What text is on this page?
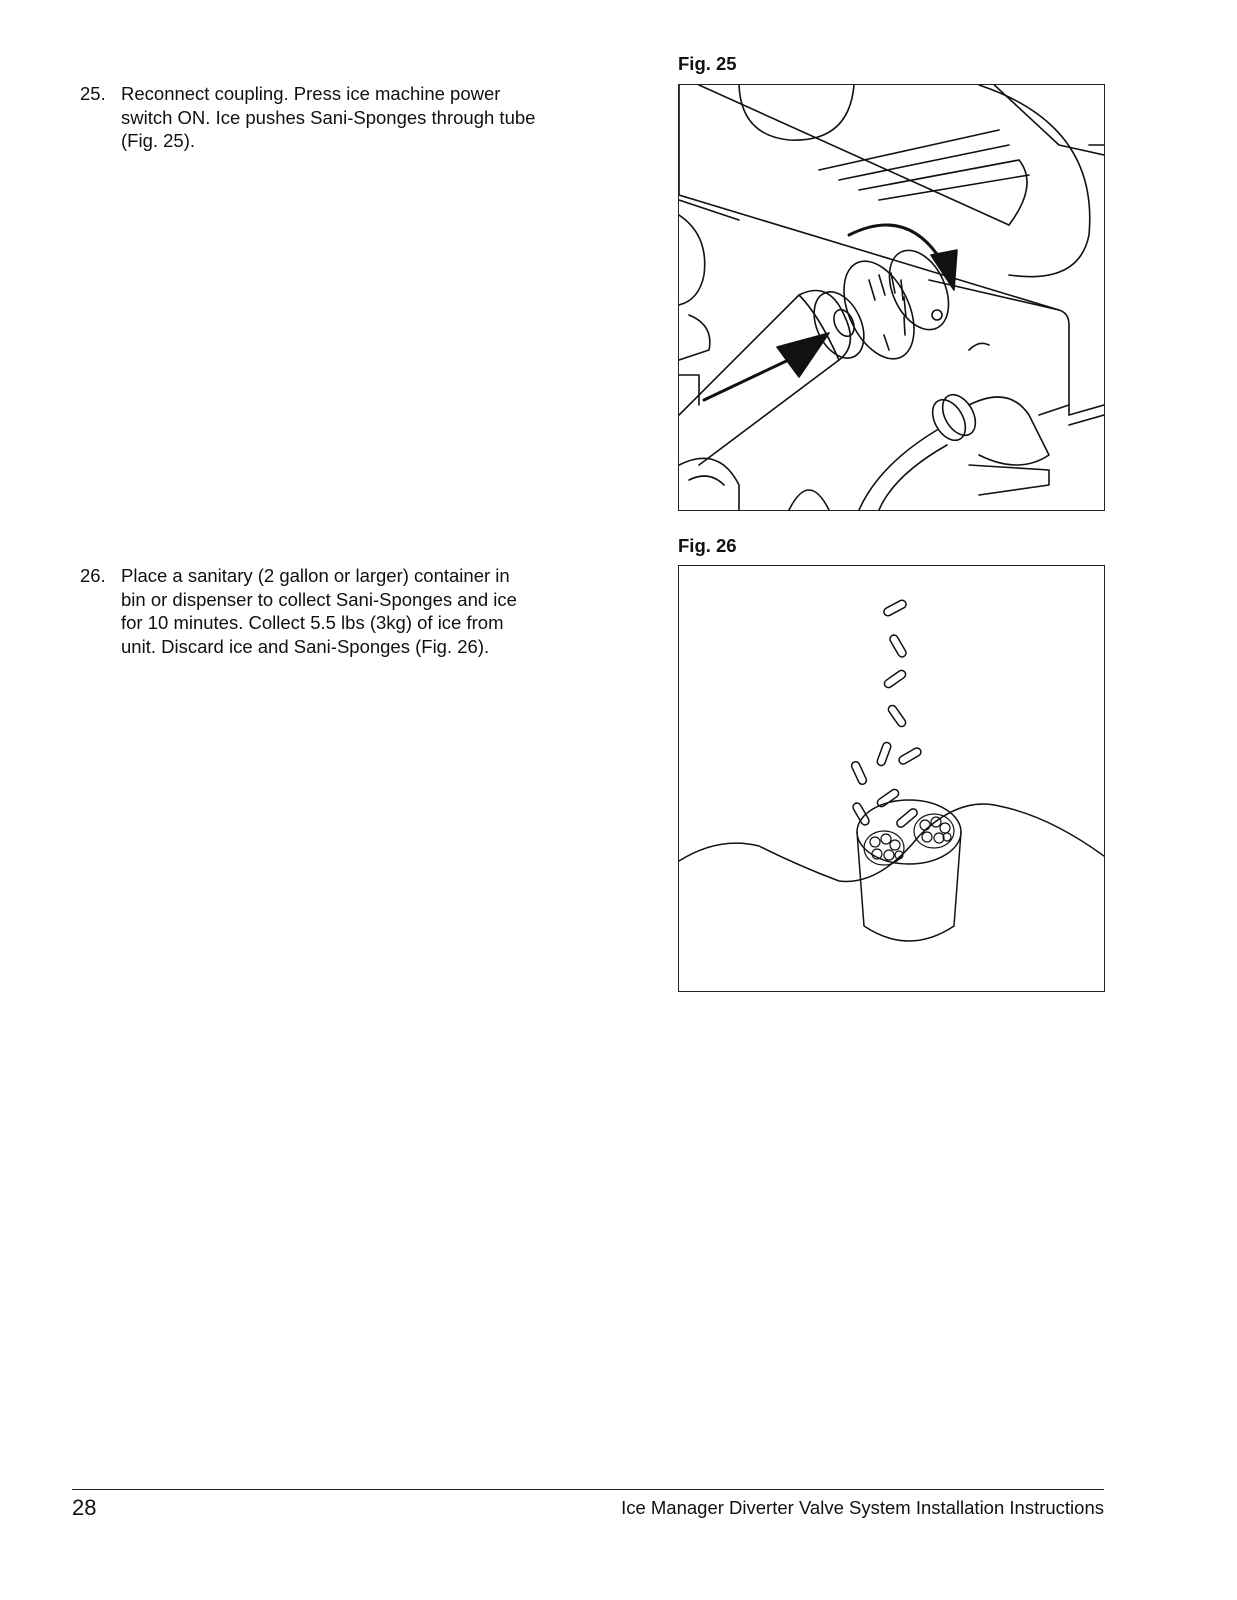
25. Reconnect coupling. Press ice machine power
switch ON. Ice pushes Sani-Sponges through tube
(Fig. 25).
26. Place a sanitary (2 gallon or larger) container in
bin or dispenser to collect Sani-Sponges and ice
for 10 minutes. Collect 5.5 lbs (3kg) of ice from
unit. Discard ice and Sani-Sponges (Fig. 26).
Fig. 25
Fig. 26
28	Ice Manager Diverter Valve System Installation Instructions
